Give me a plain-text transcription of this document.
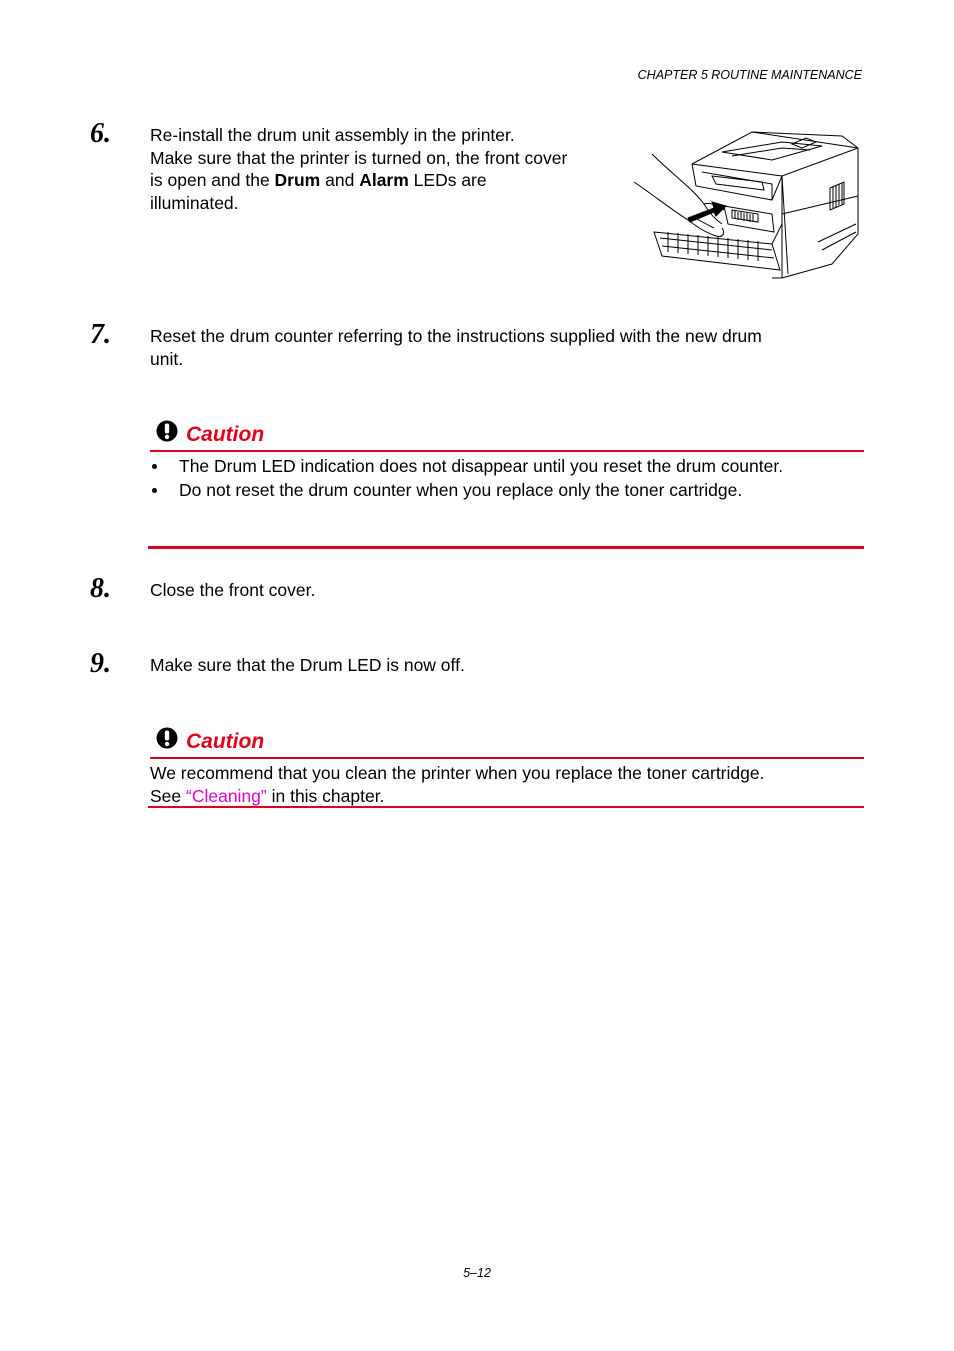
CHAPTER 5 ROUTINE MAINTENANCE
6. Re-install the drum unit assembly in the printer.
Make sure that the printer is turned on, the front cover
is open and the Drum and Alarm LEDs are
illuminated.
7. Reset the drum counter referring to the instructions supplied with the new drum
unit.
Caution
The Drum LED indication does not disappear until you reset the drum counter.
Do not reset the drum counter when you replace only the toner cartridge.
8. Close the front cover.
9. Make sure that the Drum LED is now off.
Caution
We recommend that you clean the printer when you replace the toner cartridge.
See “Cleaning” in this chapter.
5–12
